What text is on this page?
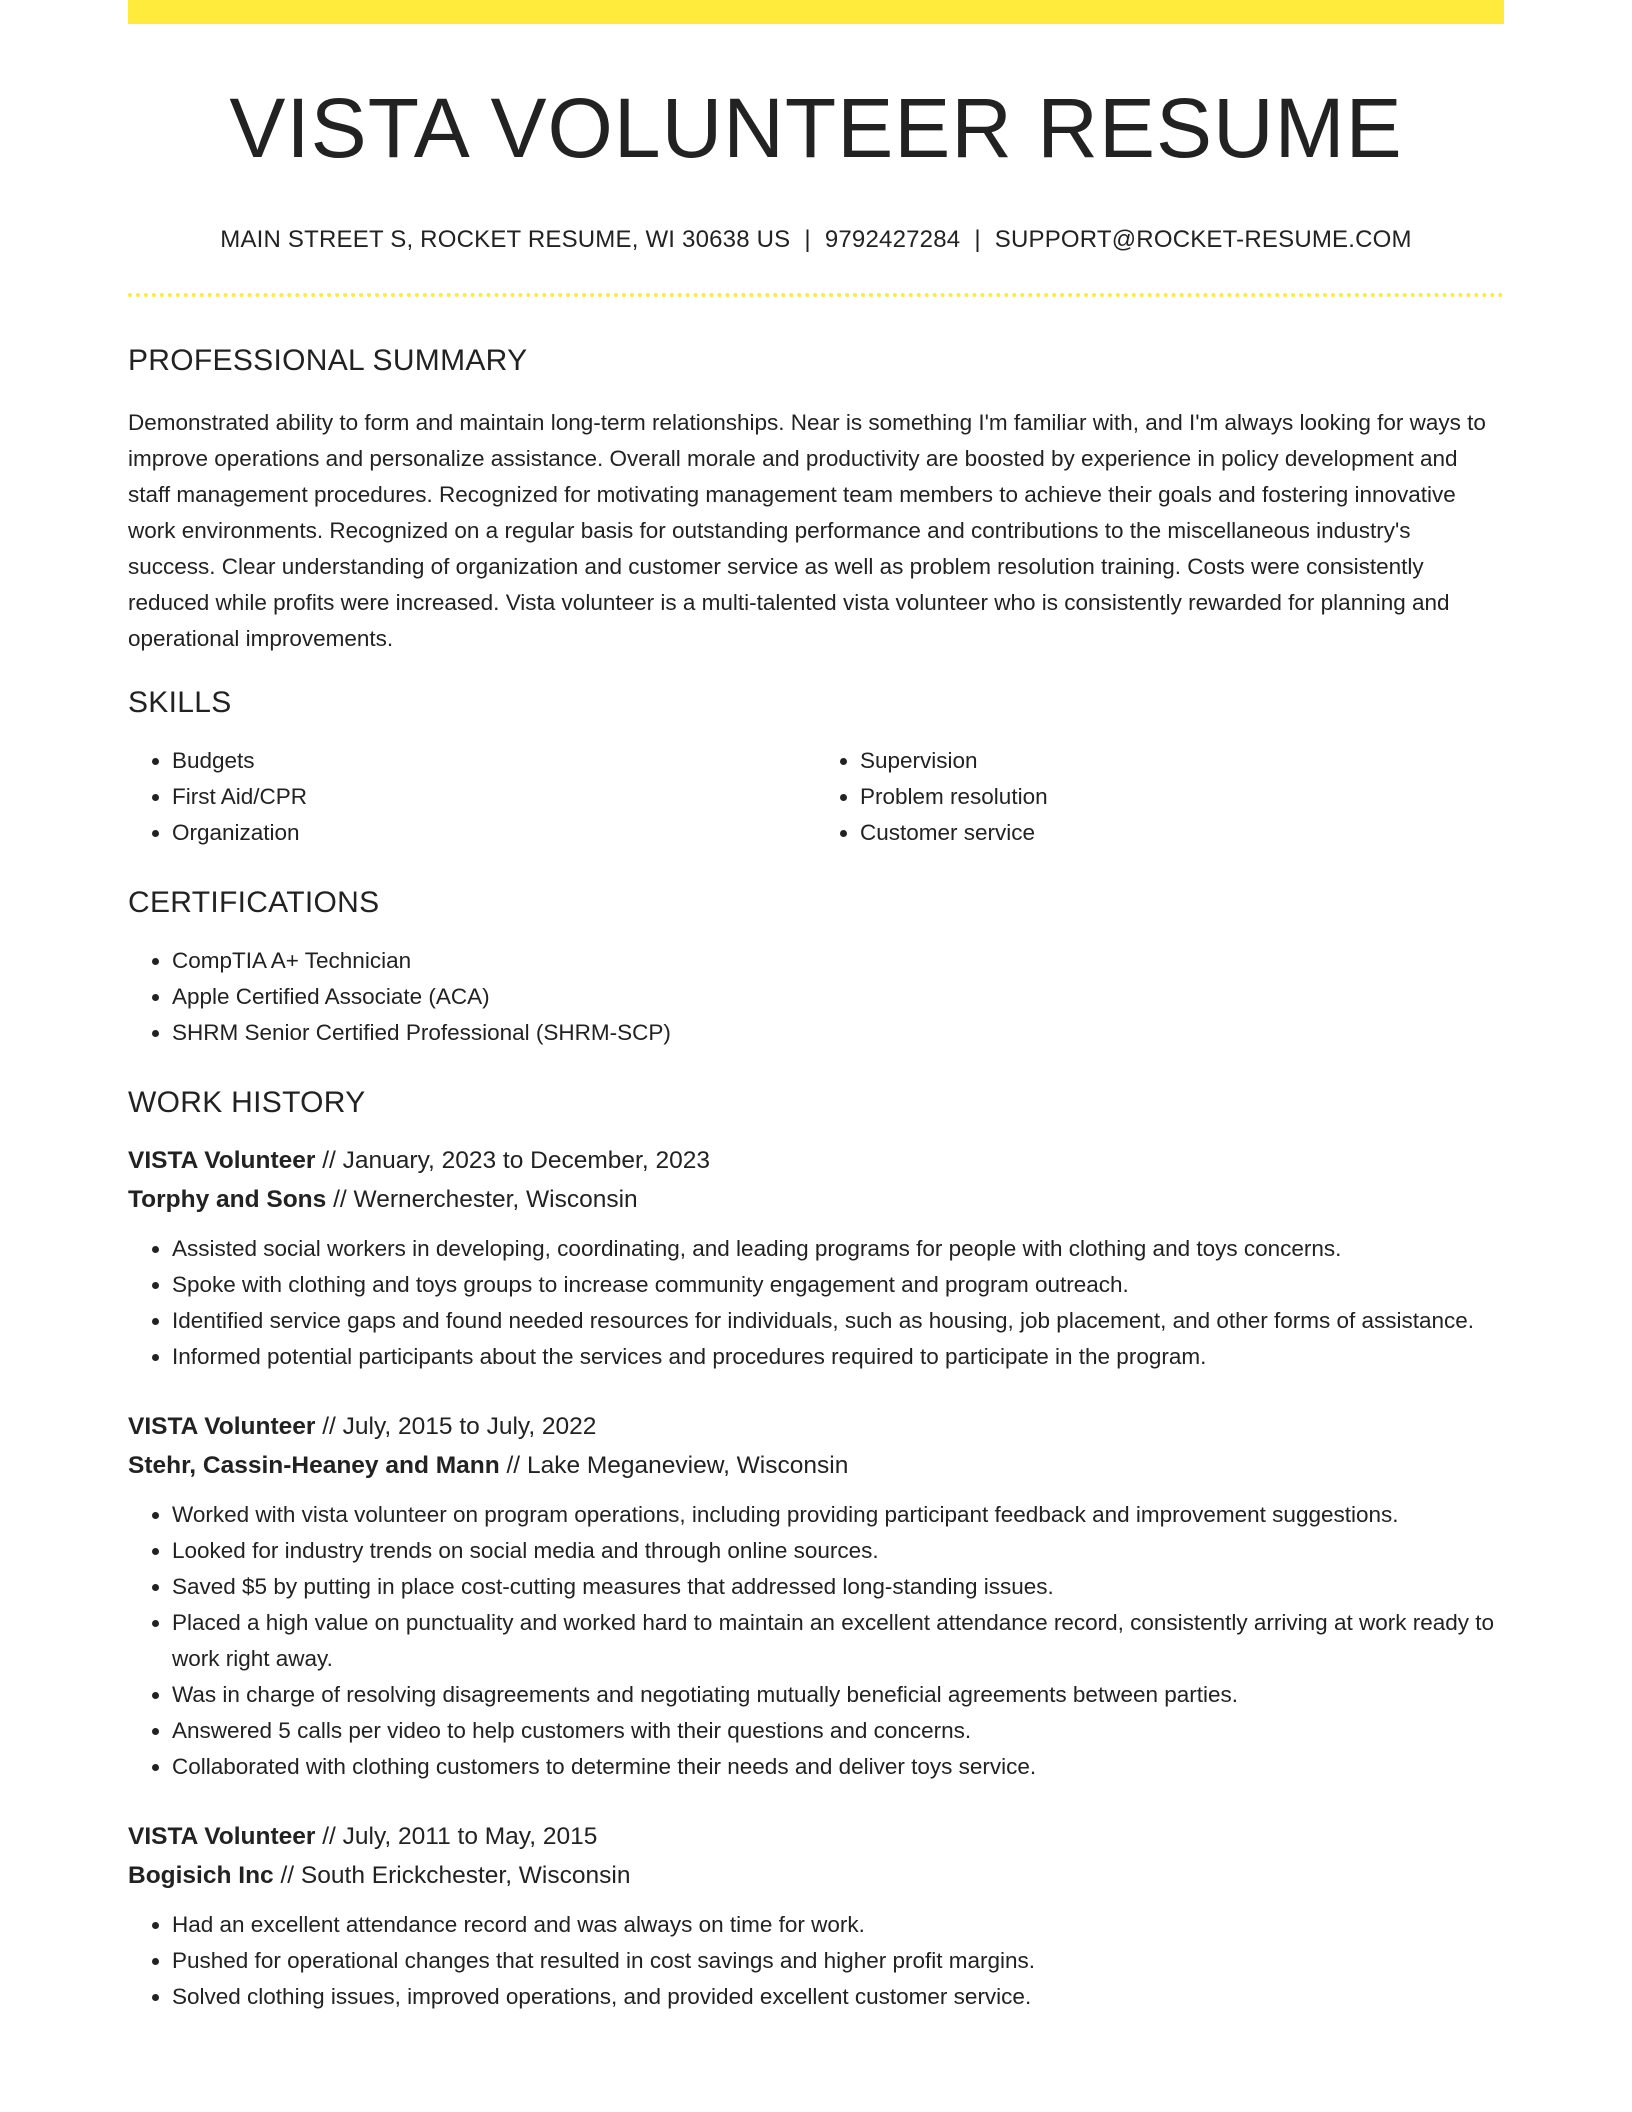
VISTA VOLUNTEER RESUME
MAIN STREET S, ROCKET RESUME, WI 30638 US | 9792427284 | SUPPORT@ROCKET-RESUME.COM
PROFESSIONAL SUMMARY

Demonstrated ability to form and maintain long-term relationships. Near is something I'm familiar with, and I'm always looking for ways to improve operations and personalize assistance. Overall morale and productivity are boosted by experience in policy development and staff management procedures. Recognized for motivating management team members to achieve their goals and fostering innovative work environments. Recognized on a regular basis for outstanding performance and contributions to the miscellaneous industry's success. Clear understanding of organization and customer service as well as problem resolution training. Costs were consistently reduced while profits were increased. Vista volunteer is a multi-talented vista volunteer who is consistently rewarded for planning and operational improvements.

SKILLS
• Budgets
• First Aid/CPR
• Organization
• Supervision
• Problem resolution
• Customer service
CERTIFICATIONS
• CompTIA A+ Technician
• Apple Certified Associate (ACA)
• SHRM Senior Certified Professional (SHRM-SCP)
WORK HISTORY
VISTA Volunteer // January, 2023 to December, 2023
Torphy and Sons // Wernerchester, Wisconsin
• Assisted social workers in developing, coordinating, and leading programs for people with clothing and toys concerns.
• Spoke with clothing and toys groups to increase community engagement and program outreach.
• Identified service gaps and found needed resources for individuals, such as housing, job placement, and other forms of assistance.
• Informed potential participants about the services and procedures required to participate in the program.
VISTA Volunteer // July, 2015 to July, 2022
Stehr, Cassin-Heaney and Mann // Lake Meganeview, Wisconsin
• Worked with vista volunteer on program operations, including providing participant feedback and improvement suggestions.
• Looked for industry trends on social media and through online sources.
• Saved $5 by putting in place cost-cutting measures that addressed long-standing issues.
• Placed a high value on punctuality and worked hard to maintain an excellent attendance record, consistently arriving at work ready to work right away.
• Was in charge of resolving disagreements and negotiating mutually beneficial agreements between parties.
• Answered 5 calls per video to help customers with their questions and concerns.
• Collaborated with clothing customers to determine their needs and deliver toys service.
VISTA Volunteer // July, 2011 to May, 2015
Bogisich Inc // South Erickchester, Wisconsin
• Had an excellent attendance record and was always on time for work.
• Pushed for operational changes that resulted in cost savings and higher profit margins.
• Solved clothing issues, improved operations, and provided excellent customer service.
